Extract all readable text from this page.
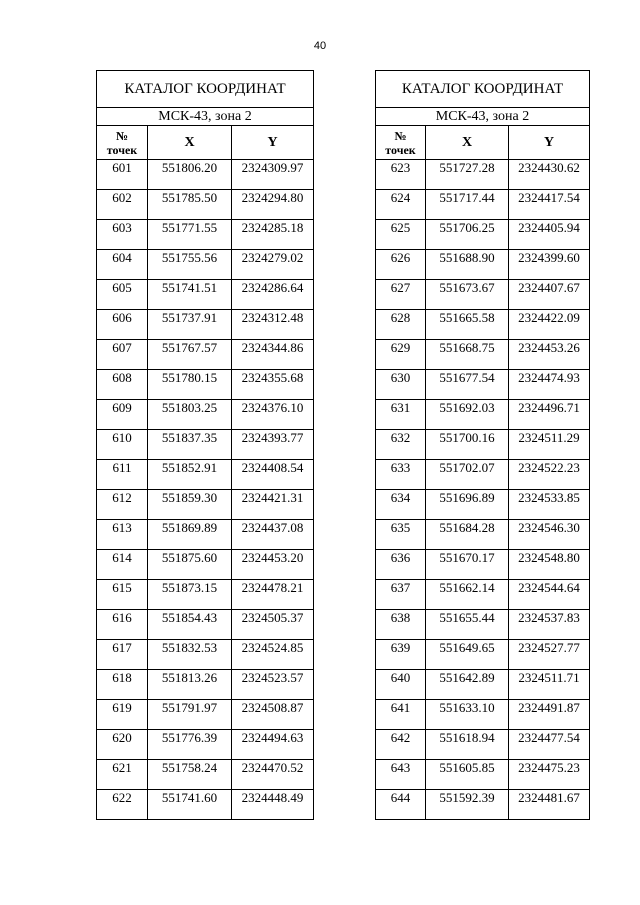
40
КАТАЛОГ КООРДИНАТ		
МСК-43, зона 2		

№
точек	X	Y
601	551806.20	2324309.97
602	551785.50	2324294.80
603	551771.55	2324285.18
604	551755.56	2324279.02
605	551741.51	2324286.64
606	551737.91	2324312.48
607	551767.57	2324344.86
608	551780.15	2324355.68
609	551803.25	2324376.10
610	551837.35	2324393.77
611	551852.91	2324408.54
612	551859.30	2324421.31
613	551869.89	2324437.08
614	551875.60	2324453.20
615	551873.15	2324478.21
616	551854.43	2324505.37
617	551832.53	2324524.85
618	551813.26	2324523.57
619	551791.97	2324508.87
620	551776.39	2324494.63
621	551758.24	2324470.52
622	551741.60	2324448.49
КАТАЛОГ КООРДИНАТ		
МСК-43, зона 2		

№
точек	X	Y
623	551727.28	2324430.62
624	551717.44	2324417.54
625	551706.25	2324405.94
626	551688.90	2324399.60
627	551673.67	2324407.67
628	551665.58	2324422.09
629	551668.75	2324453.26
630	551677.54	2324474.93
631	551692.03	2324496.71
632	551700.16	2324511.29
633	551702.07	2324522.23
634	551696.89	2324533.85
635	551684.28	2324546.30
636	551670.17	2324548.80
637	551662.14	2324544.64
638	551655.44	2324537.83
639	551649.65	2324527.77
640	551642.89	2324511.71
641	551633.10	2324491.87
642	551618.94	2324477.54
643	551605.85	2324475.23
644	551592.39	2324481.67
